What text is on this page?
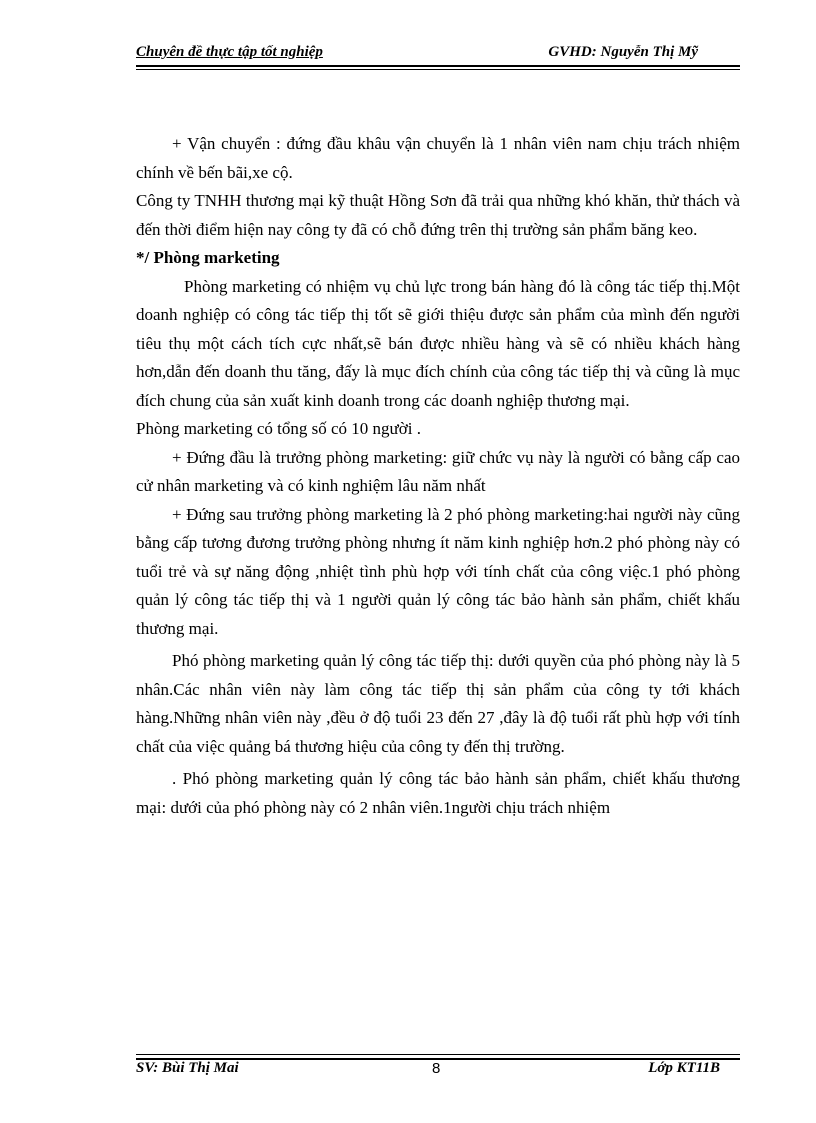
Chuyên đề thực tập tốt nghiệp	GVHD: Nguyễn Thị Mỹ

+ Vận chuyển : đứng đầu khâu vận chuyển là 1 nhân viên nam chịu trách nhiệm chính về bến bãi,xe cộ.

Công ty TNHH thương mại kỹ thuật Hồng Sơn đã trải qua những khó khăn, thử thách và đến thời điểm hiện nay công ty đã có chỗ đứng trên thị trường sản phẩm băng keo.

*/ Phòng marketing

Phòng marketing có nhiệm vụ chủ lực trong bán hàng đó là công tác tiếp thị.Một doanh nghiệp có công tác tiếp thị tốt sẽ giới thiệu được sản phẩm của mình đến người tiêu thụ một cách tích cực nhất,sẽ bán được nhiều hàng và sẽ có nhiều khách hàng hơn,dẫn đến doanh thu tăng, đấy là mục đích chính của công tác tiếp thị và cũng là mục đích chung của sản xuất kinh doanh trong các doanh nghiệp thương mại.

Phòng marketing có tổng số có 10 người .

+ Đứng đầu là trưởng phòng marketing: giữ chức vụ này là người có bằng cấp cao cử nhân marketing và có kinh nghiệm lâu năm nhất

+ Đứng sau trưởng phòng marketing là 2 phó phòng marketing:hai người này cũng bằng cấp tương đương trưởng phòng nhưng ít năm kinh nghiệp hơn.2 phó phòng này có tuổi trẻ và sự năng động ,nhiệt tình phù hợp với tính chất của công việc.1 phó phòng quản lý công tác tiếp thị và 1 người quản lý công tác bảo hành sản phẩm, chiết khấu thương mại.

Phó phòng marketing quản lý công tác tiếp thị: dưới quyền của phó phòng này là 5 nhân.Các nhân viên này làm công tác tiếp thị sản phẩm của công ty tới khách hàng.Những nhân viên này ,đều ở độ tuổi 23 đến 27 ,đây là độ tuổi rất phù hợp với tính chất của việc quảng bá thương hiệu của công ty đến thị trường.

. Phó phòng marketing quản lý công tác bảo hành sản phẩm, chiết khấu thương mại: dưới của phó phòng này có 2 nhân viên.1người chịu trách nhiệm

SV: Bùi Thị Mai	8	Lớp KT11B
